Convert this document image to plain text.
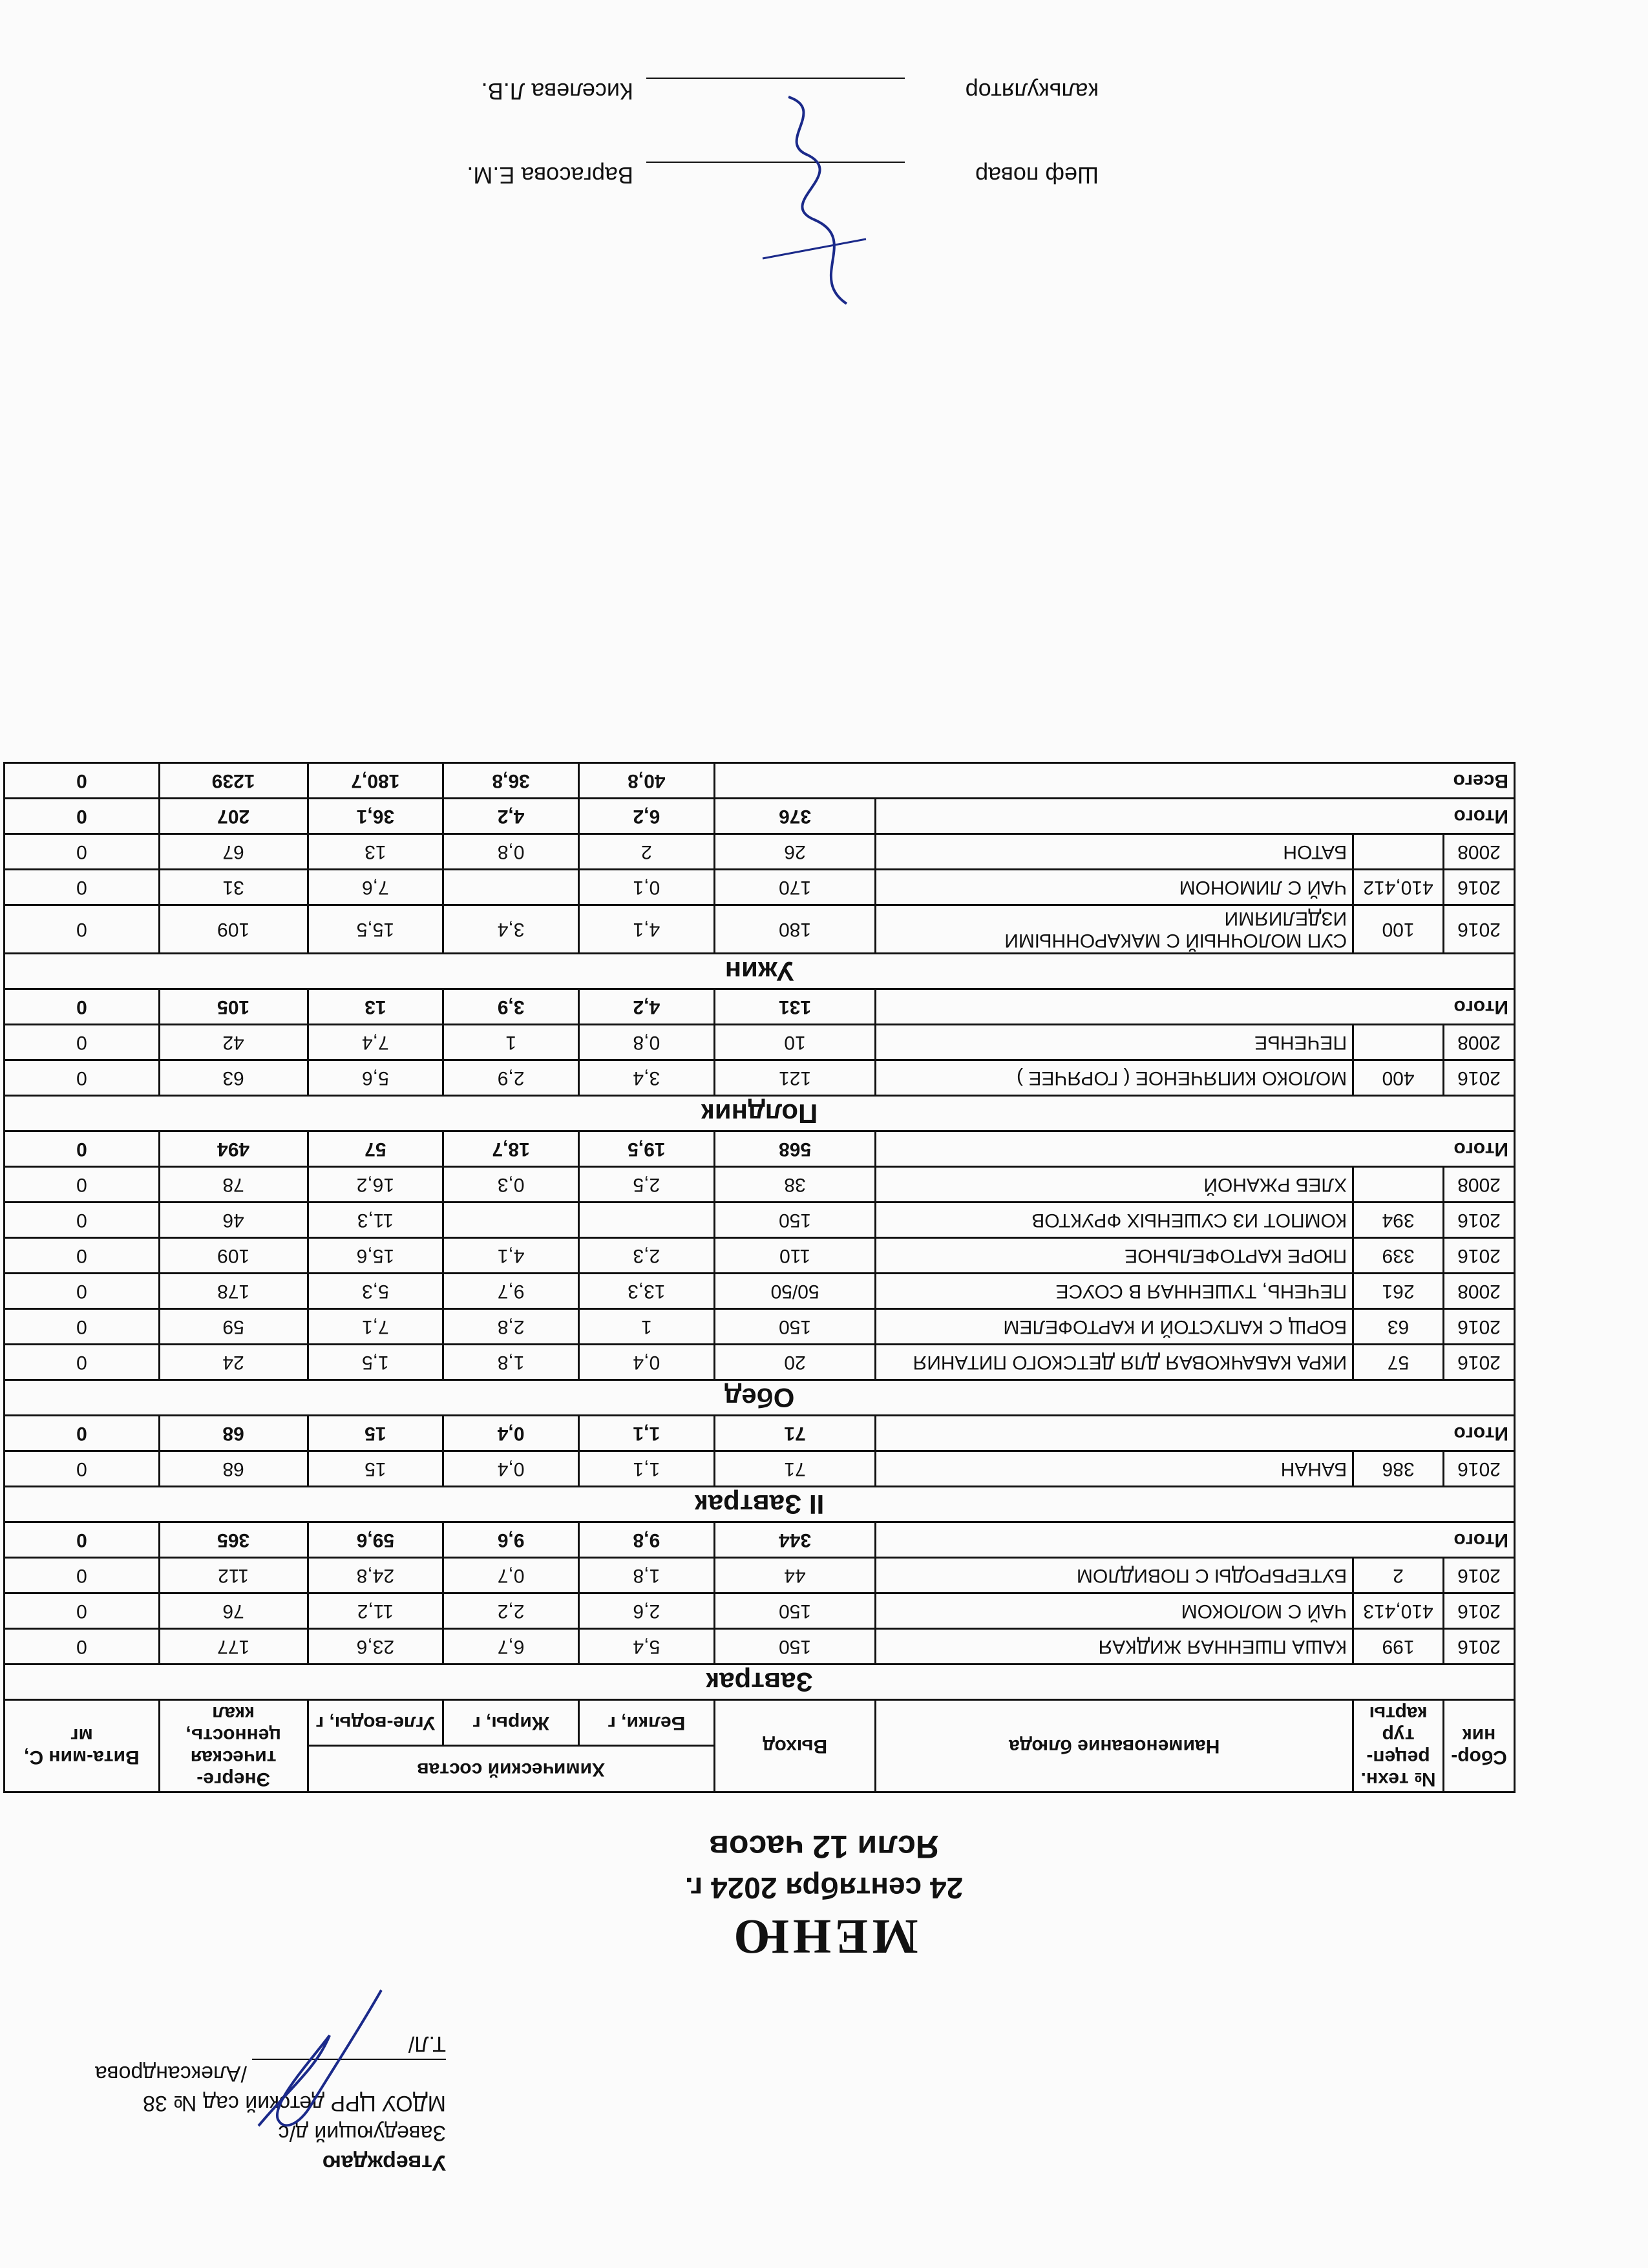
Утверждаю
Заведующий д/с
МДОУ ЦРР детский сад № 38
/Александрова Т.Л/
МЕНЮ
24 сентября 2024 г.
Ясли 12 часов
Сбор-ник	№ техн. рецеп-тур карты	Наименование блюда	Выход	Химический состав			Энерге-тическая ценность, ккал	Вита-мин С, мг
				Белки, г	Жиры, г	Угле-воды, г		
Завтрак								
2016	199	КАША ПШЕННАЯ ЖИДКАЯ	150	5,4	6,7	23,6	177	0
2016	410,413	ЧАЙ С МОЛОКОМ	150	2,6	2,2	11,2	76	0
2016	2	БУТЕРБРОДЫ С ПОВИДЛОМ	44	1,8	0,7	24,8	112	0
Итого			344	9,8	9,6	59,6	365	0
II Завтрак								
2016	386	БАНАН	71	1,1	0,4	15	68	0
Итого			71	1,1	0,4	15	68	0
Обед								
2016	57	ИКРА КАБАЧКОВАЯ ДЛЯ ДЕТСКОГО ПИТАНИЯ	20	0,4	1,8	1,5	24	0
2016	63	БОРЩ С КАПУСТОЙ И КАРТОФЕЛЕМ	150	1	2,8	7,1	59	0
2008	261	ПЕЧЕНЬ, ТУШЕННАЯ В СОУСЕ	50/50	13,3	9,7	5,3	178	0
2016	339	ПЮРЕ КАРТОФЕЛЬНОЕ	110	2,3	4,1	15,6	109	0
2016	394	КОМПОТ ИЗ СУШЕНЫХ ФРУКТОВ	150			11,3	46	0
2008		ХЛЕБ РЖАНОЙ	38	2,5	0,3	16,2	78	0
Итого			568	19,5	18,7	57	494	0
Полдник								
2016	400	МОЛОКО КИПЯЧЕНОЕ ( ГОРЯЧЕЕ )	121	3,4	2,9	5,6	63	0
2008		ПЕЧЕНЬЕ	10	0,8	1	7,4	42	0
Итого			131	4,2	3,9	13	105	0
Ужин								
2016	100	СУП МОЛОЧНЫЙ С МАКАРОННЫМИ ИЗДЕЛИЯМИ	180	4,1	3,4	15,5	109	0
2016	410,412	ЧАЙ С ЛИМОНОМ	170	0,1		7,6	31	0
2008		БАТОН	26	2	0,8	13	67	0
Итого			376	6,2	4,2	36,1	207	0
Всего				40,8	36,8	180,7	1239	0
Шеф повар
Варгасова Е.М.
калькулятор
Киселева Л.В.
